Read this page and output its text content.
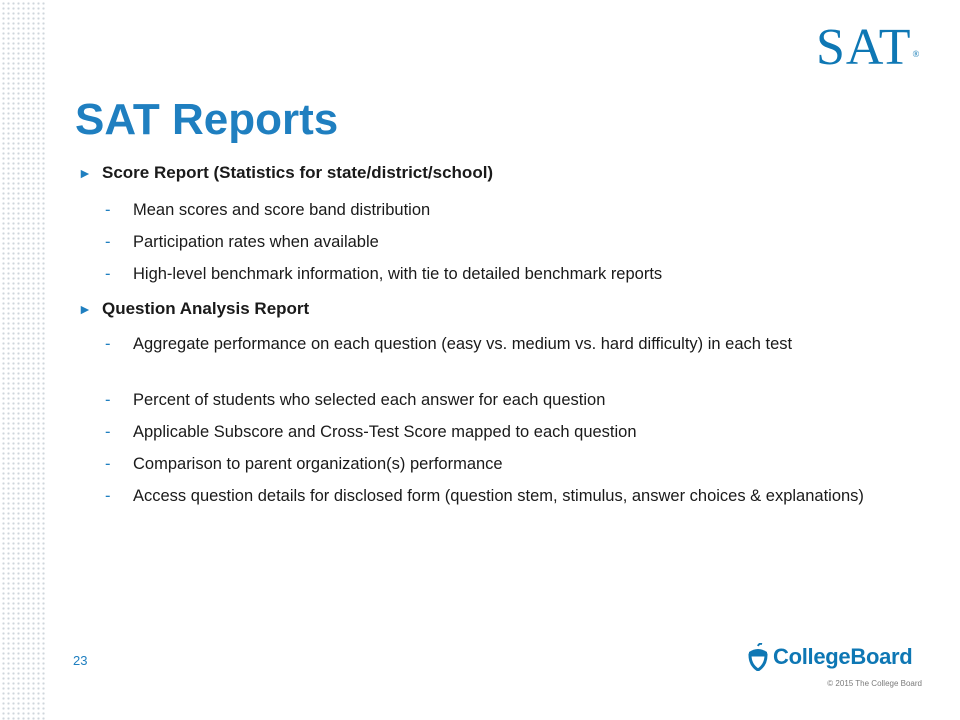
SAT®
SAT Reports
► Score Report (Statistics for state/district/school)
-	Mean scores and score band distribution
-	Participation rates when available
-	High-level benchmark information, with tie to detailed benchmark reports
► Question Analysis Report
-	Aggregate performance on each question (easy vs. medium vs. hard difficulty) in each test
-	Percent of students who selected each answer for each question
-	Applicable Subscore and Cross-Test Score mapped to each question
-	Comparison to parent organization(s) performance
-	Access question details for disclosed form (question stem, stimulus, answer choices & explanations)
23	CollegeBoard
© 2015 The College Board
